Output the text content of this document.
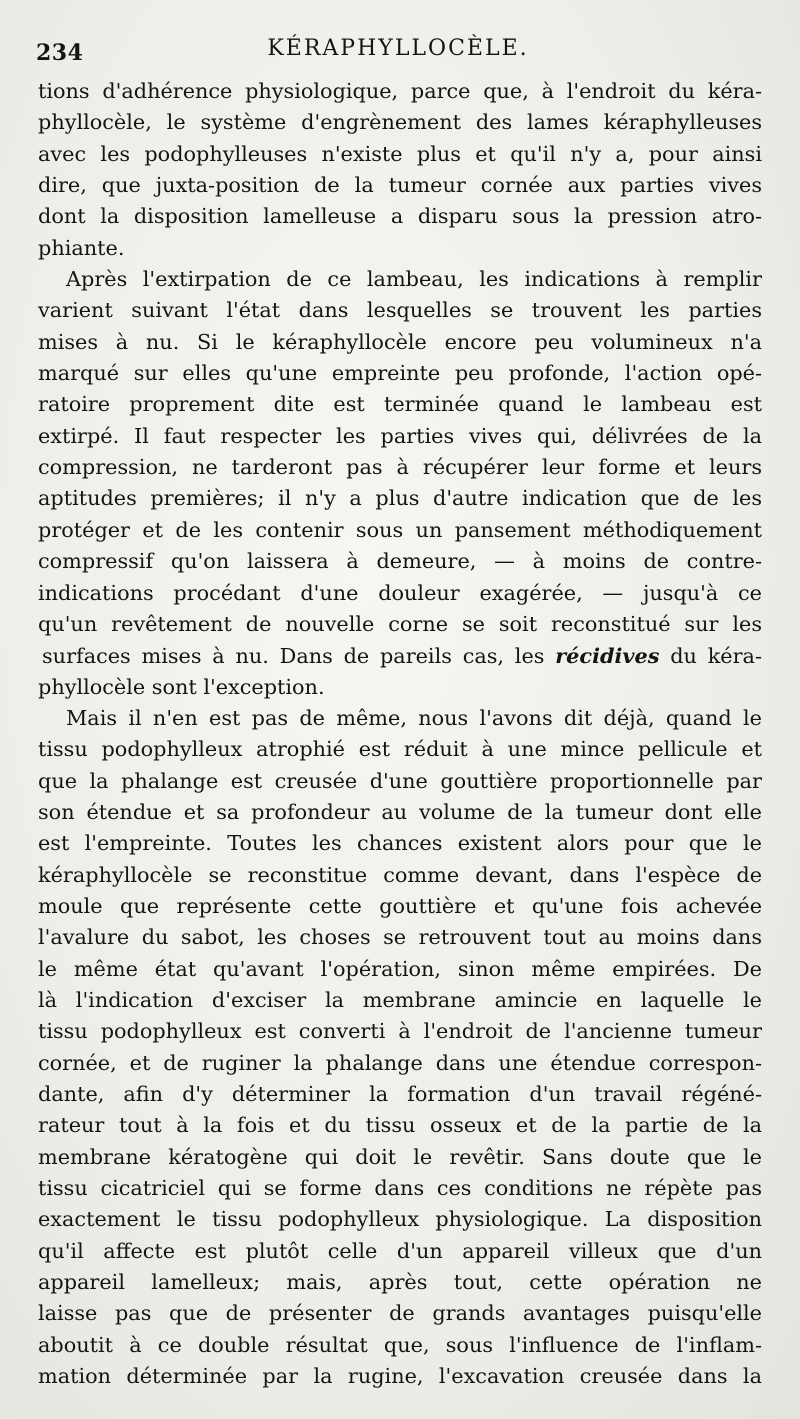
234	KÉRAPHYLLOCÈLE.
tions d'adhérence physiologique, parce que, à l'endroit du kéra-
phyllocèle, le système d'engrènement des lames kéraphylleuses
avec les podophylleuses n'existe plus et qu'il n'y a, pour ainsi
dire, que juxta-position de la tumeur cornée aux parties vives
dont la disposition lamelleuse a disparu sous la pression atro-
phiante.
Après l'extirpation de ce lambeau, les indications à remplir
varient suivant l'état dans lesquelles se trouvent les parties
mises à nu. Si le kéraphyllocèle encore peu volumineux n'a
marqué sur elles qu'une empreinte peu profonde, l'action opé-
ratoire proprement dite est terminée quand le lambeau est
extirpé. Il faut respecter les parties vives qui, délivrées de la
compression, ne tarderont pas à récupérer leur forme et leurs
aptitudes premières; il n'y a plus d'autre indication que de les
protéger et de les contenir sous un pansement méthodiquement
compressif qu'on laissera à demeure, — à moins de contre-
indications procédant d'une douleur exagérée, — jusqu'à ce
qu'un revêtement de nouvelle corne se soit reconstitué sur les
surfaces mises à nu. Dans de pareils cas, les récidives du kéra-
phyllocèle sont l'exception.
Mais il n'en est pas de même, nous l'avons dit déjà, quand le
tissu podophylleux atrophié est réduit à une mince pellicule et
que la phalange est creusée d'une gouttière proportionnelle par
son étendue et sa profondeur au volume de la tumeur dont elle
est l'empreinte. Toutes les chances existent alors pour que le
kéraphyllocèle se reconstitue comme devant, dans l'espèce de
moule que représente cette gouttière et qu'une fois achevée
l'avalure du sabot, les choses se retrouvent tout au moins dans
le même état qu'avant l'opération, sinon même empirées. De
là l'indication d'exciser la membrane amincie en laquelle le
tissu podophylleux est converti à l'endroit de l'ancienne tumeur
cornée, et de ruginer la phalange dans une étendue correspon-
dante, afin d'y déterminer la formation d'un travail régéné-
rateur tout à la fois et du tissu osseux et de la partie de la
membrane kératogène qui doit le revêtir. Sans doute que le
tissu cicatriciel qui se forme dans ces conditions ne répète pas
exactement le tissu podophylleux physiologique. La disposition
qu'il affecte est plutôt celle d'un appareil villeux que d'un
appareil lamelleux; mais, après tout, cette opération ne
laisse pas que de présenter de grands avantages puisqu'elle
aboutit à ce double résultat que, sous l'influence de l'inflam-
mation déterminée par la rugine, l'excavation creusée dans la
